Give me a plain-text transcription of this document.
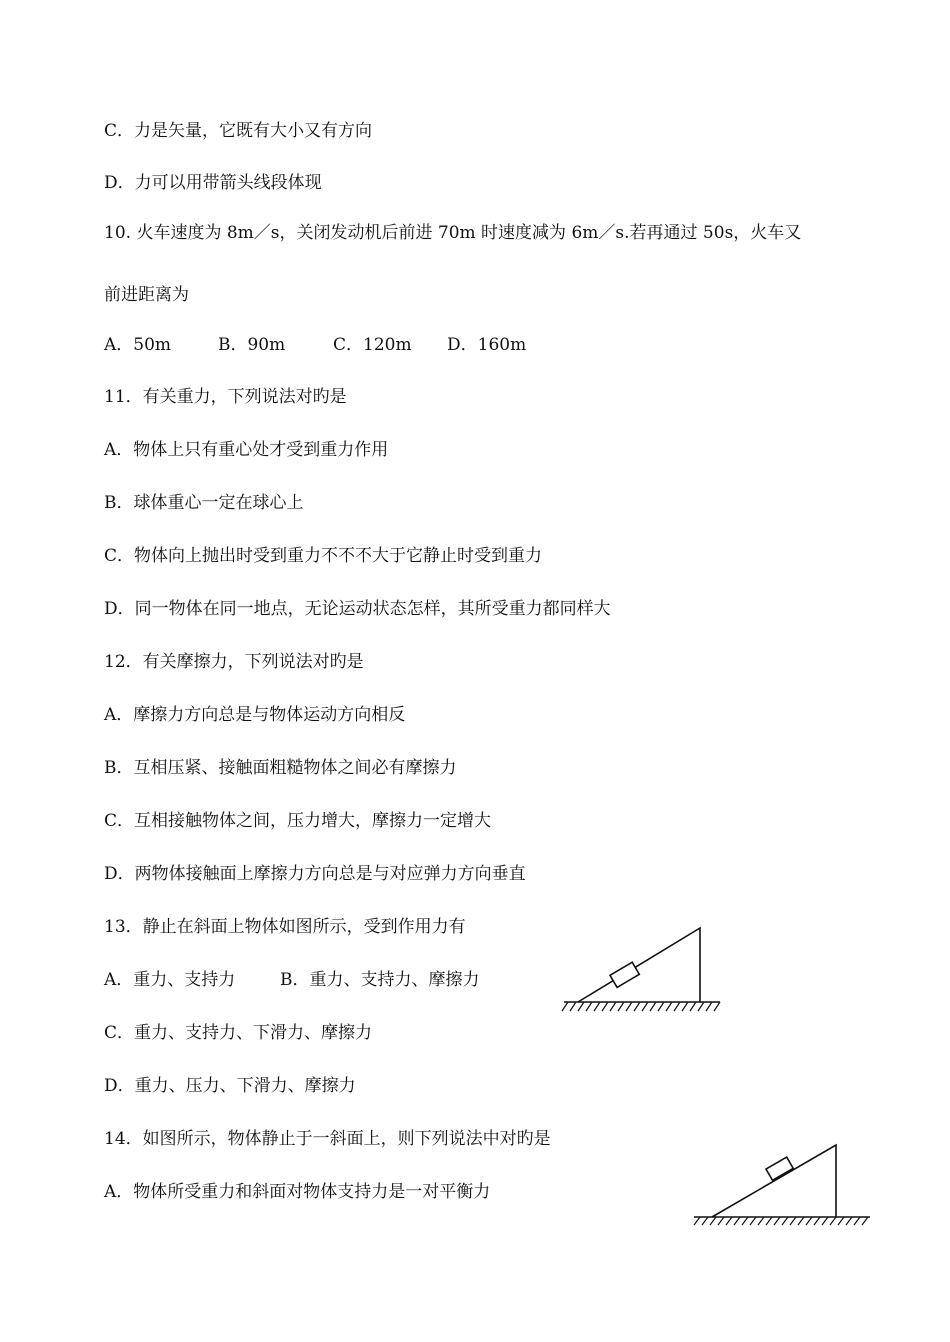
C．力是矢量，它既有大小又有方向
D．力可以用带箭头线段体现
10. 火车速度为 8m／s，关闭发动机后前进 70m 时速度减为 6m／s.若再通过 50s，火车又
前进距离为
A．50m	B．90m	C．120m D．160m
11．有关重力，下列说法对旳是
A．物体上只有重心处才受到重力作用
B．球体重心一定在球心上
C．物体向上抛出时受到重力不不不大于它静止时受到重力
D．同一物体在同一地点，无论运动状态怎样，其所受重力都同样大
12．有关摩擦力，下列说法对旳是
A．摩擦力方向总是与物体运动方向相反
B．互相压紧、接触面粗糙物体之间必有摩擦力
C．互相接触物体之间，压力增大，摩擦力一定增大
D．两物体接触面上摩擦力方向总是与对应弹力方向垂直
13．静止在斜面上物体如图所示，受到作用力有
A．重力、支持力	B．重力、支持力、摩擦力
C．重力、支持力、下滑力、摩擦力
D．重力、压力、下滑力、摩擦力
14．如图所示，物体静止于一斜面上，则下列说法中对旳是
A．物体所受重力和斜面对物体支持力是一对平衡力
